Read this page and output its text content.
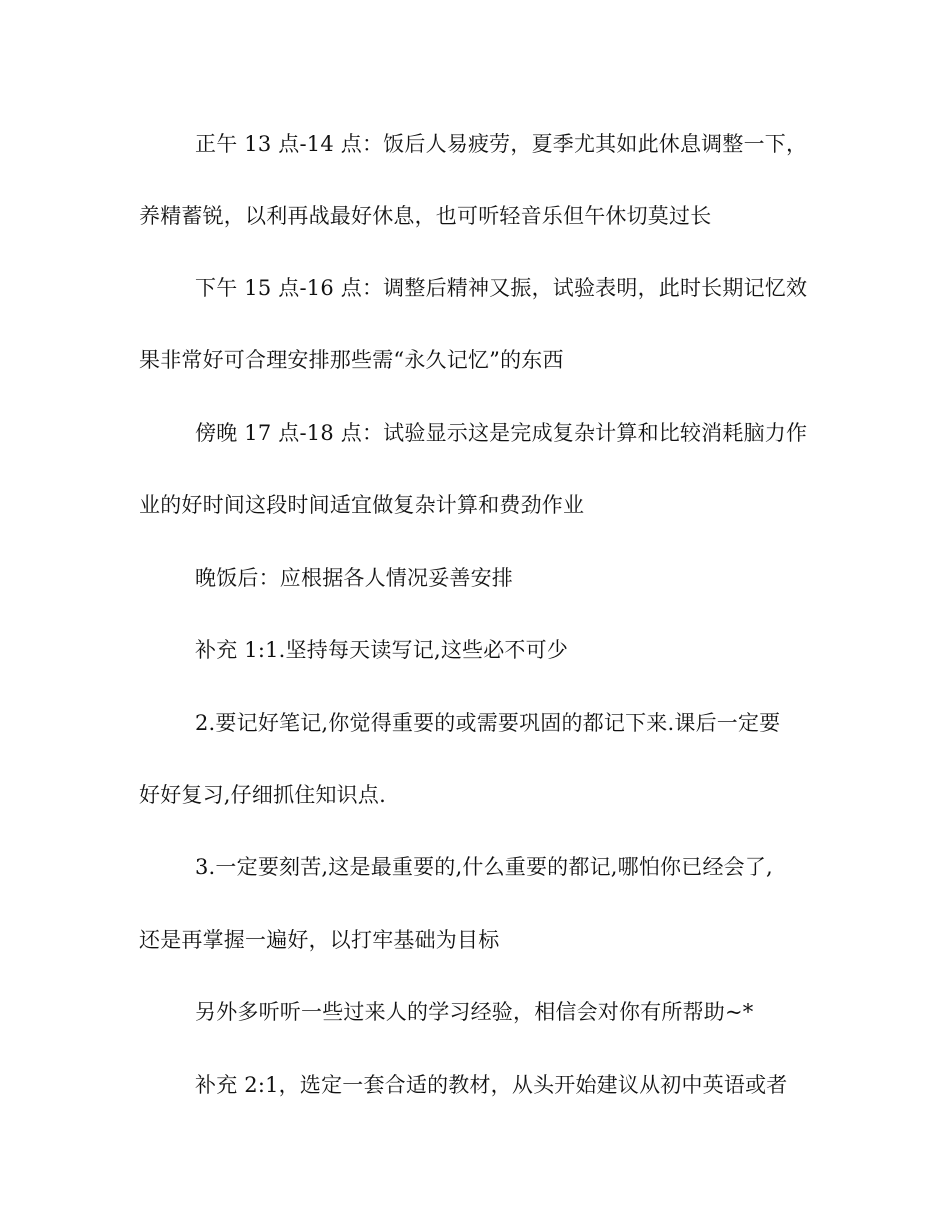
正午 13 点-14 点：饭后人易疲劳，夏季尤其如此休息调整一下，
养精蓄锐，以利再战最好休息，也可听轻音乐但午休切莫过长
下午 15 点-16 点：调整后精神又振，试验表明，此时长期记忆效
果非常好可合理安排那些需“永久记忆”的东西
傍晚 17 点-18 点：试验显示这是完成复杂计算和比较消耗脑力作
业的好时间这段时间适宜做复杂计算和费劲作业
晚饭后：应根据各人情况妥善安排
补充 1:1.坚持每天读写记,这些必不可少
2.要记好笔记,你觉得重要的或需要巩固的都记下来.课后一定要
好好复习,仔细抓住知识点.
3.一定要刻苦,这是最重要的,什么重要的都记,哪怕你已经会了,
还是再掌握一遍好，以打牢基础为目标
另外多听听一些过来人的学习经验，相信会对你有所帮助~*
补充 2:1，选定一套合适的教材，从头开始建议从初中英语或者
